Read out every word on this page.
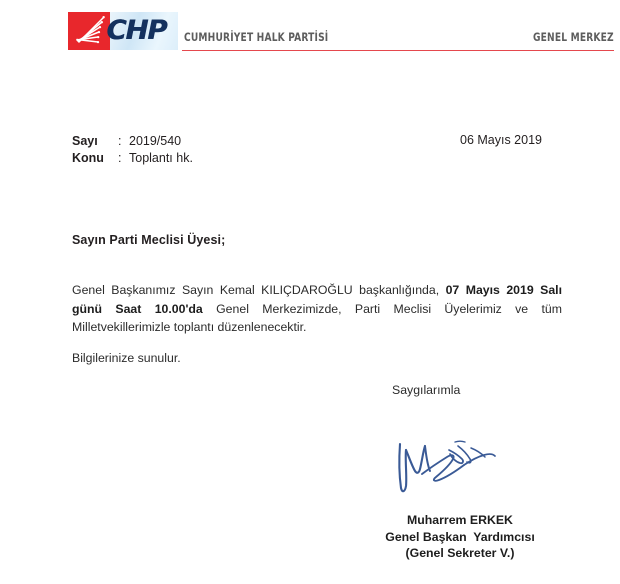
CHP CUMHURİYET HALK PARTİSİ	GENEL MERKEZ
Sayı	: 2019/540
Konu	: Toplantı hk.
06 Mayıs 2019
Sayın Parti Meclisi Üyesi;

Genel Başkanımız Sayın Kemal KILIÇDAROĞLU başkanlığında, 07 Mayıs 2019 Salı günü Saat 10.00'da Genel Merkezimizde, Parti Meclisi Üyelerimiz ve tüm Milletvekillerimizle toplantı düzenlenecektir.

Bilgilerinize sunulur.
Saygılarımla
Muharrem ERKEK
Genel Başkan  Yardımcısı
(Genel Sekreter V.)
